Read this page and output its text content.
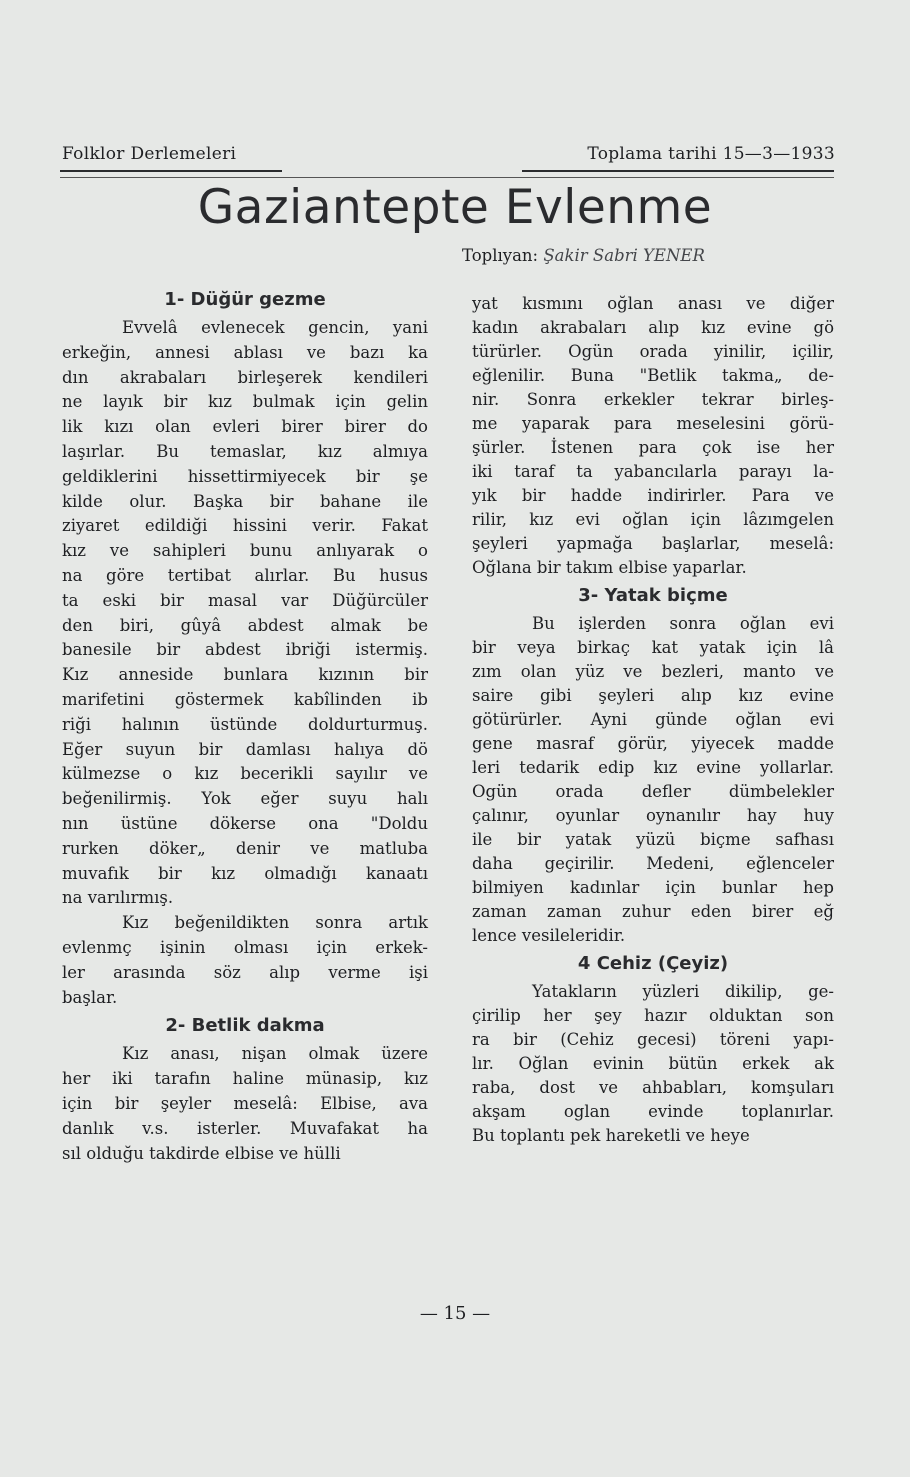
Folklor Derlemeleri	Toplama tarihi 15—3—1933
Gaziantepte Evlenme
Toplıyan: Şakir Sabri YENER
1- Düğür gezme
Evvelâ evlenecek gencin, yani
erkeğin, annesi ablası ve bazı ka
dın akrabaları birleşerek kendileri
ne layık bir kız bulmak için gelin
lik kızı olan evleri birer birer do
laşırlar. Bu temaslar, kız almıya
geldiklerini hissettirmiyecek bir şe
kilde olur. Başka bir bahane ile
ziyaret edildiği hissini verir. Fakat
kız ve sahipleri bunu anlıyarak o
na göre tertibat alırlar. Bu husus
ta eski bir masal var Düğürcüler
den biri, gûyâ abdest almak be
banesile bir abdest ibriği istermiş.
Kız anneside bunlara kızının bir
marifetini göstermek kabîlinden ib
riği halının üstünde doldurturmuş.
Eğer suyun bir damlası halıya dö
külmezse o kız becerikli sayılır ve
beğenilirmiş. Yok eğer suyu halı
nın üstüne dökerse ona "Doldu
rurken döker„ denir ve matluba
muvafık bir kız olmadığı kanaatı
na varılırmış.
Kız beğenildikten sonra artık
evlenmç işinin olması için erkek-
ler arasında söz alıp verme işi
başlar.
2- Betlik dakma
Kız anası, nişan olmak üzere
her iki tarafın haline münasip, kız
için bir şeyler meselâ: Elbise, ava
danlık v.s. isterler. Muvafakat ha
sıl olduğu takdirde elbise ve hülli
yat kısmını oğlan anası ve diğer
kadın akrabaları alıp kız evine gö
türürler. Ogün orada yinilir, içilir,
eğlenilir. Buna "Betlik takma„ de-
nir. Sonra erkekler tekrar birleş-
me yaparak para meselesini görü-
şürler. İstenen para çok ise her
iki taraf ta yabancılarla parayı la-
yık bir hadde indirirler. Para ve
rilir, kız evi oğlan için lâzımgelen
şeyleri yapmağa başlarlar, meselâ:
Oğlana bir takım elbise yaparlar.
3- Yatak biçme
Bu işlerden sonra oğlan evi
bir veya birkaç kat yatak için lâ
zım olan yüz ve bezleri, manto ve
saire gibi şeyleri alıp kız evine
götürürler. Ayni günde oğlan evi
gene masraf görür, yiyecek madde
leri tedarik edip kız evine yollarlar.
Ogün orada defler dümbelekler
çalınır, oyunlar oynanılır hay huy
ile bir yatak yüzü biçme safhası
daha geçirilir. Medeni, eğlenceler
bilmiyen kadınlar için bunlar hep
zaman zaman zuhur eden birer eğ
lence vesileleridir.
4 Cehiz (Çeyiz)
Yatakların yüzleri dikilip, ge-
çirilip her şey hazır olduktan son
ra bir (Cehiz gecesi) töreni yapı-
lır. Oğlan evinin bütün erkek ak
raba, dost ve ahbabları, komşuları
akşam oglan evinde toplanırlar.
Bu toplantı pek hareketli ve heye
— 15 —
